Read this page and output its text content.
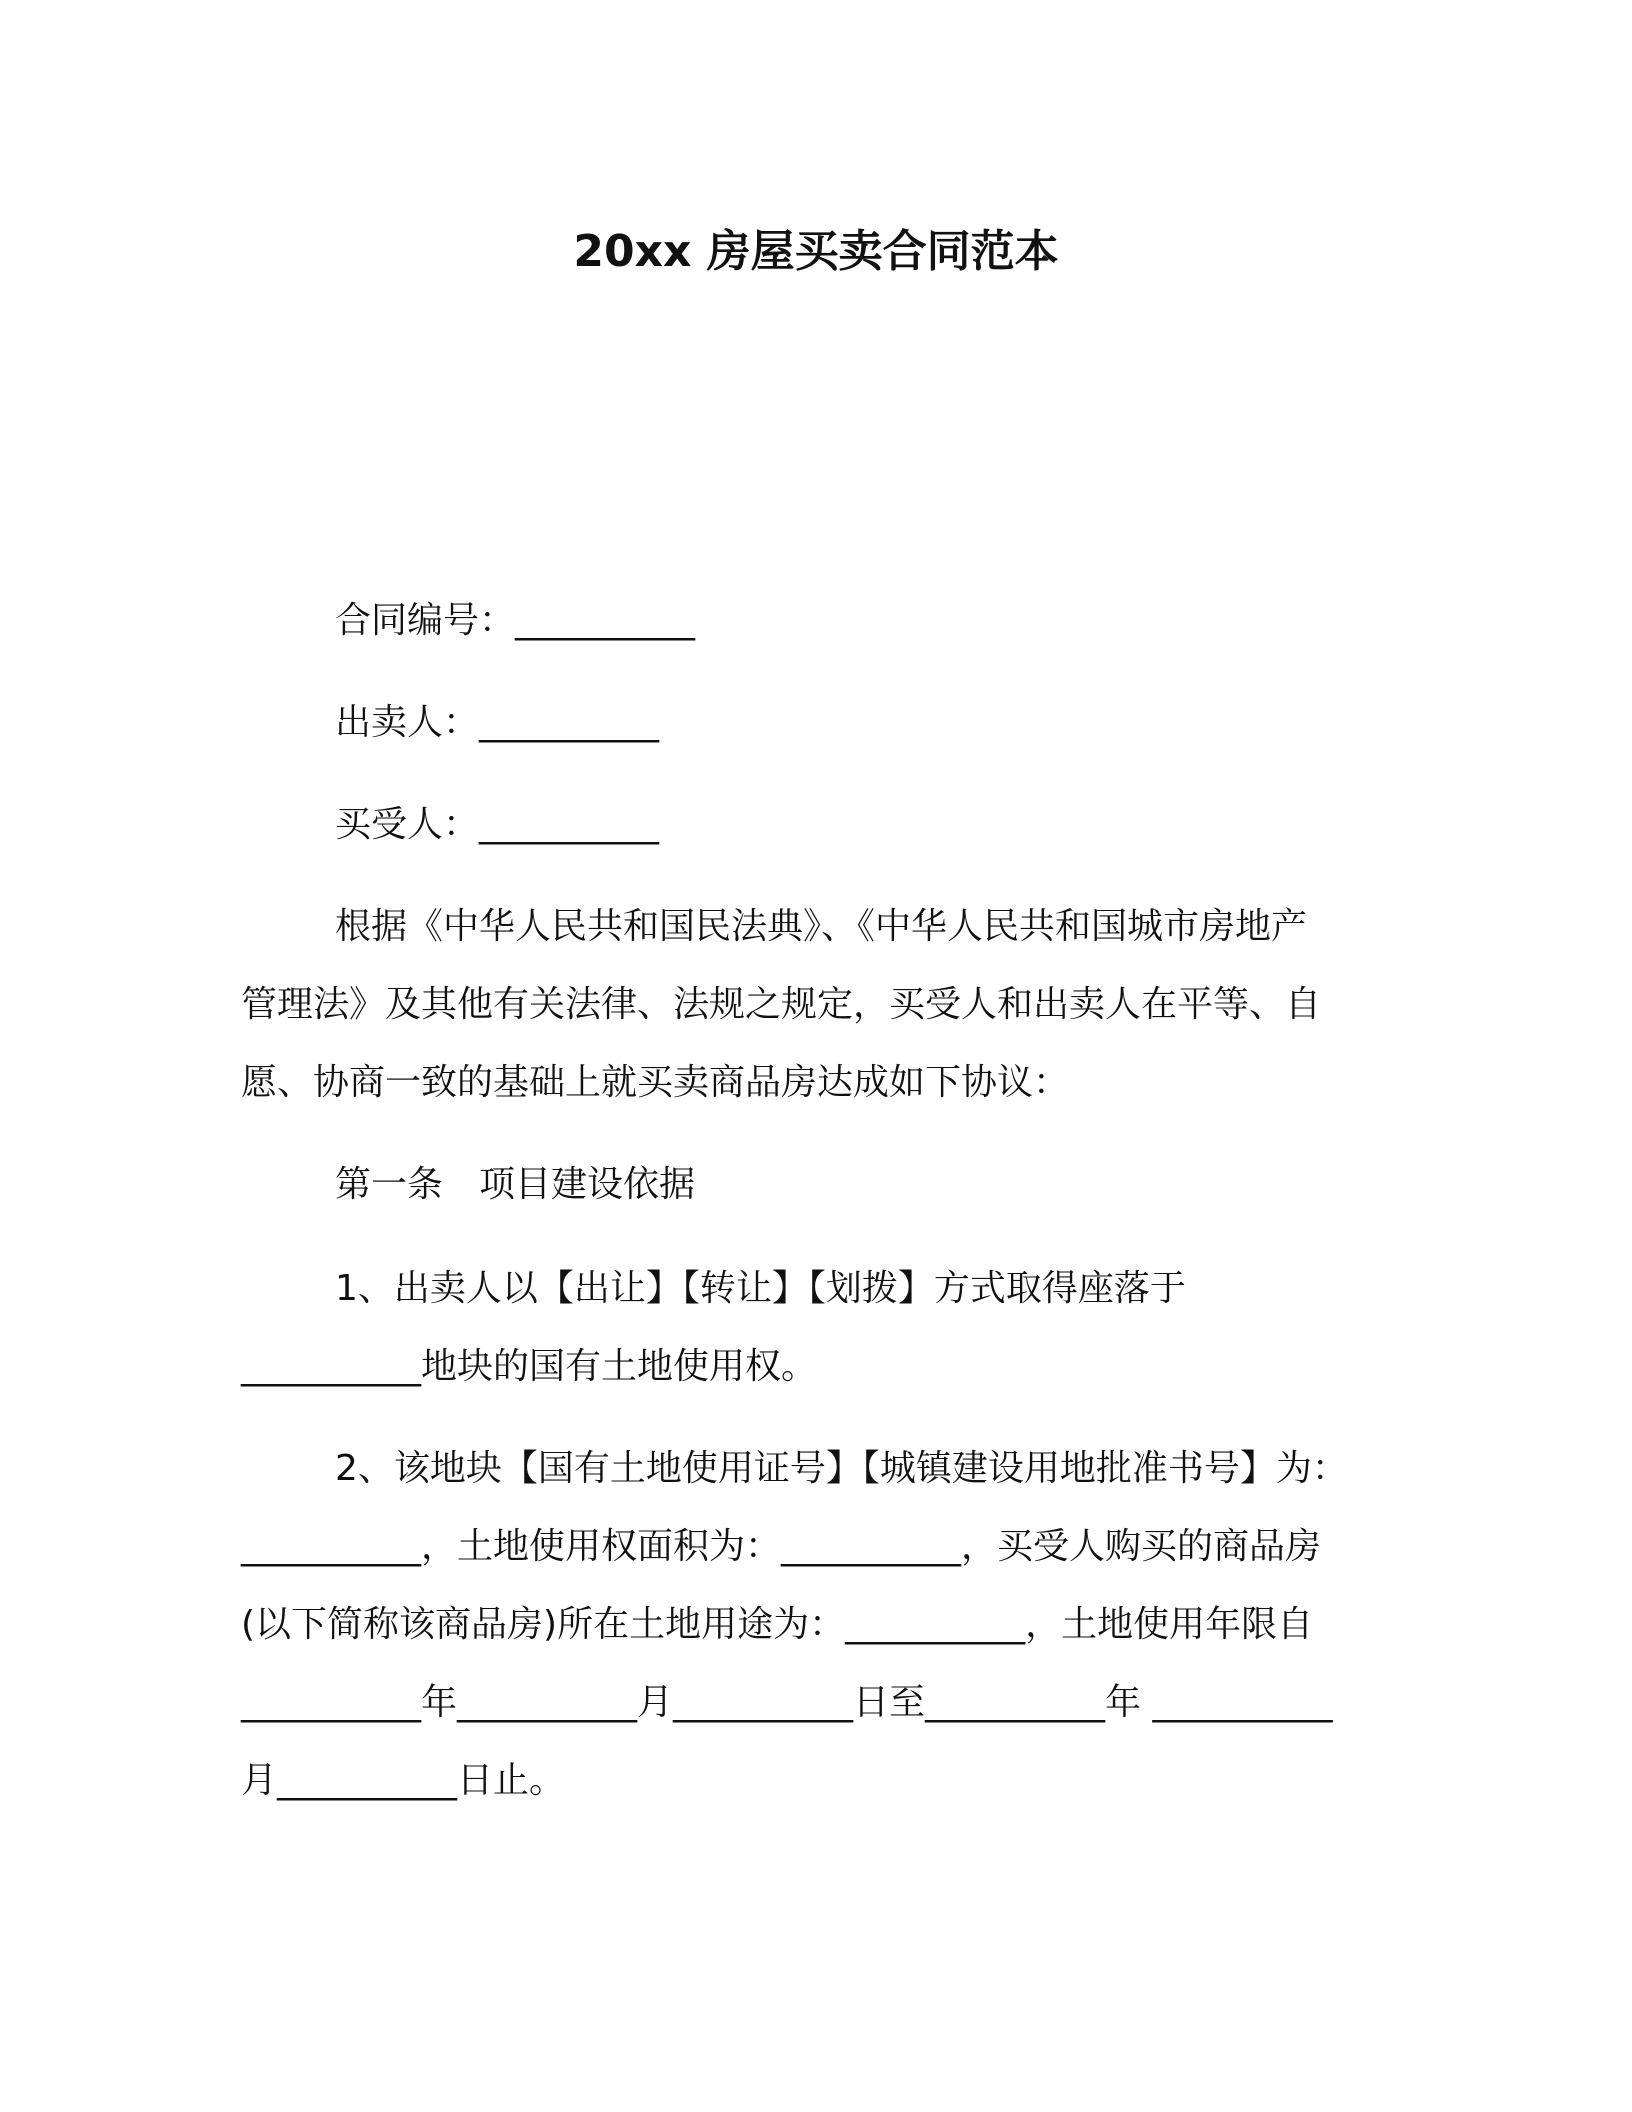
20xx 房屋买卖合同范本
合同编号：__________
出卖人：__________
买受人：__________
根据《中华人民共和国民法典》、《中华人民共和国城市房地产
管理法》及其他有关法律、法规之规定，买受人和出卖人在平等、自
愿、协商一致的基础上就买卖商品房达成如下协议：
第一条　项目建设依据
1、出卖人以【出让】【转让】【划拨】方式取得座落于
__________地块的国有土地使用权。
2、该地块【国有土地使用证号】【城镇建设用地批准书号】为：
__________，土地使用权面积为：__________，买受人购买的商品房
(以下简称该商品房)所在土地用途为：__________，土地使用年限自
__________年__________月__________日至__________年 __________
月__________日止。
